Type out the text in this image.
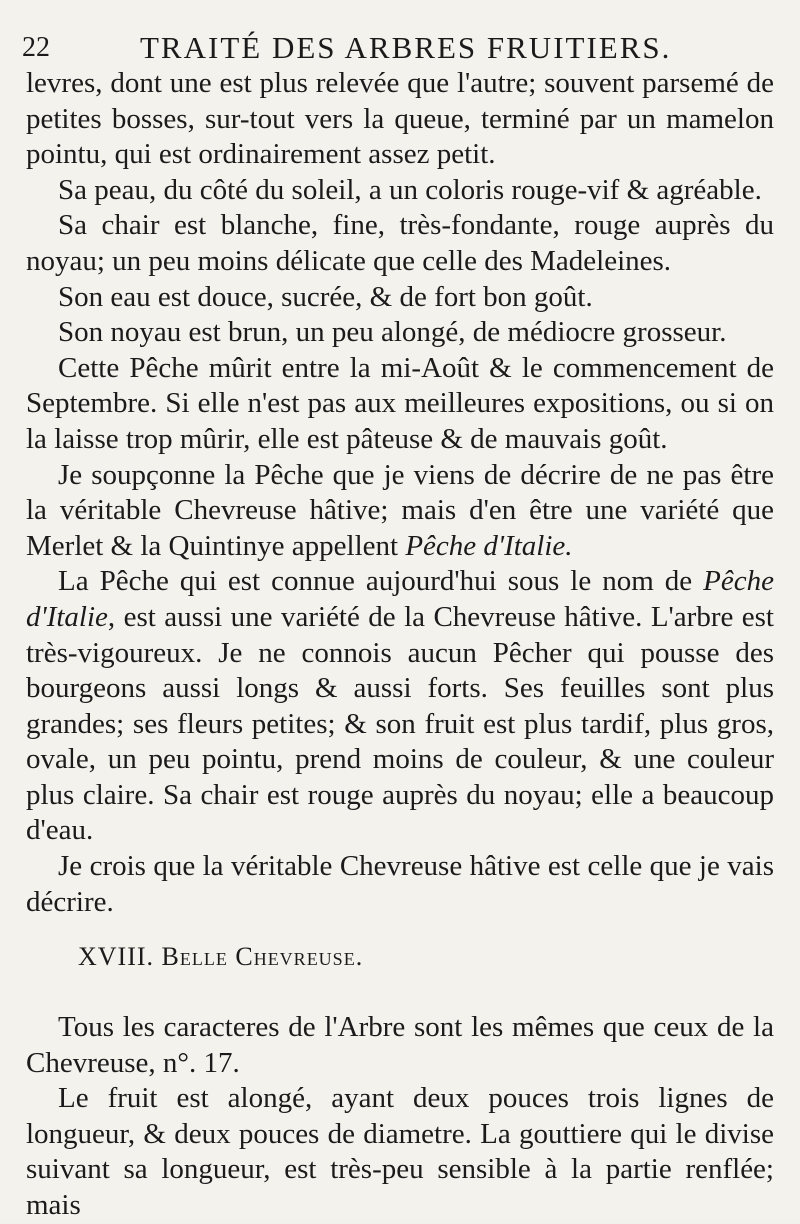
22	TRAITÉ DES ARBRES FRUITIERS.

levres, dont une est plus relevée que l'autre; souvent parsemé de petites bosses, sur-tout vers la queue, terminé par un mamelon pointu, qui est ordinairement assez petit.

Sa peau, du côté du soleil, a un coloris rouge-vif & agréable.

Sa chair est blanche, fine, très-fondante, rouge auprès du noyau; un peu moins délicate que celle des Madeleines.

Son eau est douce, sucrée, & de fort bon goût.

Son noyau est brun, un peu alongé, de médiocre grosseur.

Cette Pêche mûrit entre la mi-Août & le commencement de Septembre. Si elle n'est pas aux meilleures expositions, ou si on la laisse trop mûrir, elle est pâteuse & de mauvais goût.

Je soupçonne la Pêche que je viens de décrire de ne pas être la véritable Chevreuse hâtive; mais d'en être une variété que Merlet & la Quintinye appellent Pêche d'Italie.

La Pêche qui est connue aujourd'hui sous le nom de Pêche d'Italie, est aussi une variété de la Chevreuse hâtive. L'arbre est très-vigoureux. Je ne connois aucun Pêcher qui pousse des bourgeons aussi longs & aussi forts. Ses feuilles sont plus grandes; ses fleurs petites; & son fruit est plus tardif, plus gros, ovale, un peu pointu, prend moins de couleur, & une couleur plus claire. Sa chair est rouge auprès du noyau; elle a beaucoup d'eau.

Je crois que la véritable Chevreuse hâtive est celle que je vais décrire.

XVIII. Belle Chevreuse.

Tous les caracteres de l'Arbre sont les mêmes que ceux de la Chevreuse, n°. 17.

Le fruit est alongé, ayant deux pouces trois lignes de longueur, & deux pouces de diametre. La gouttiere qui le divise suivant sa longueur, est très-peu sensible à la partie renflée; mais
